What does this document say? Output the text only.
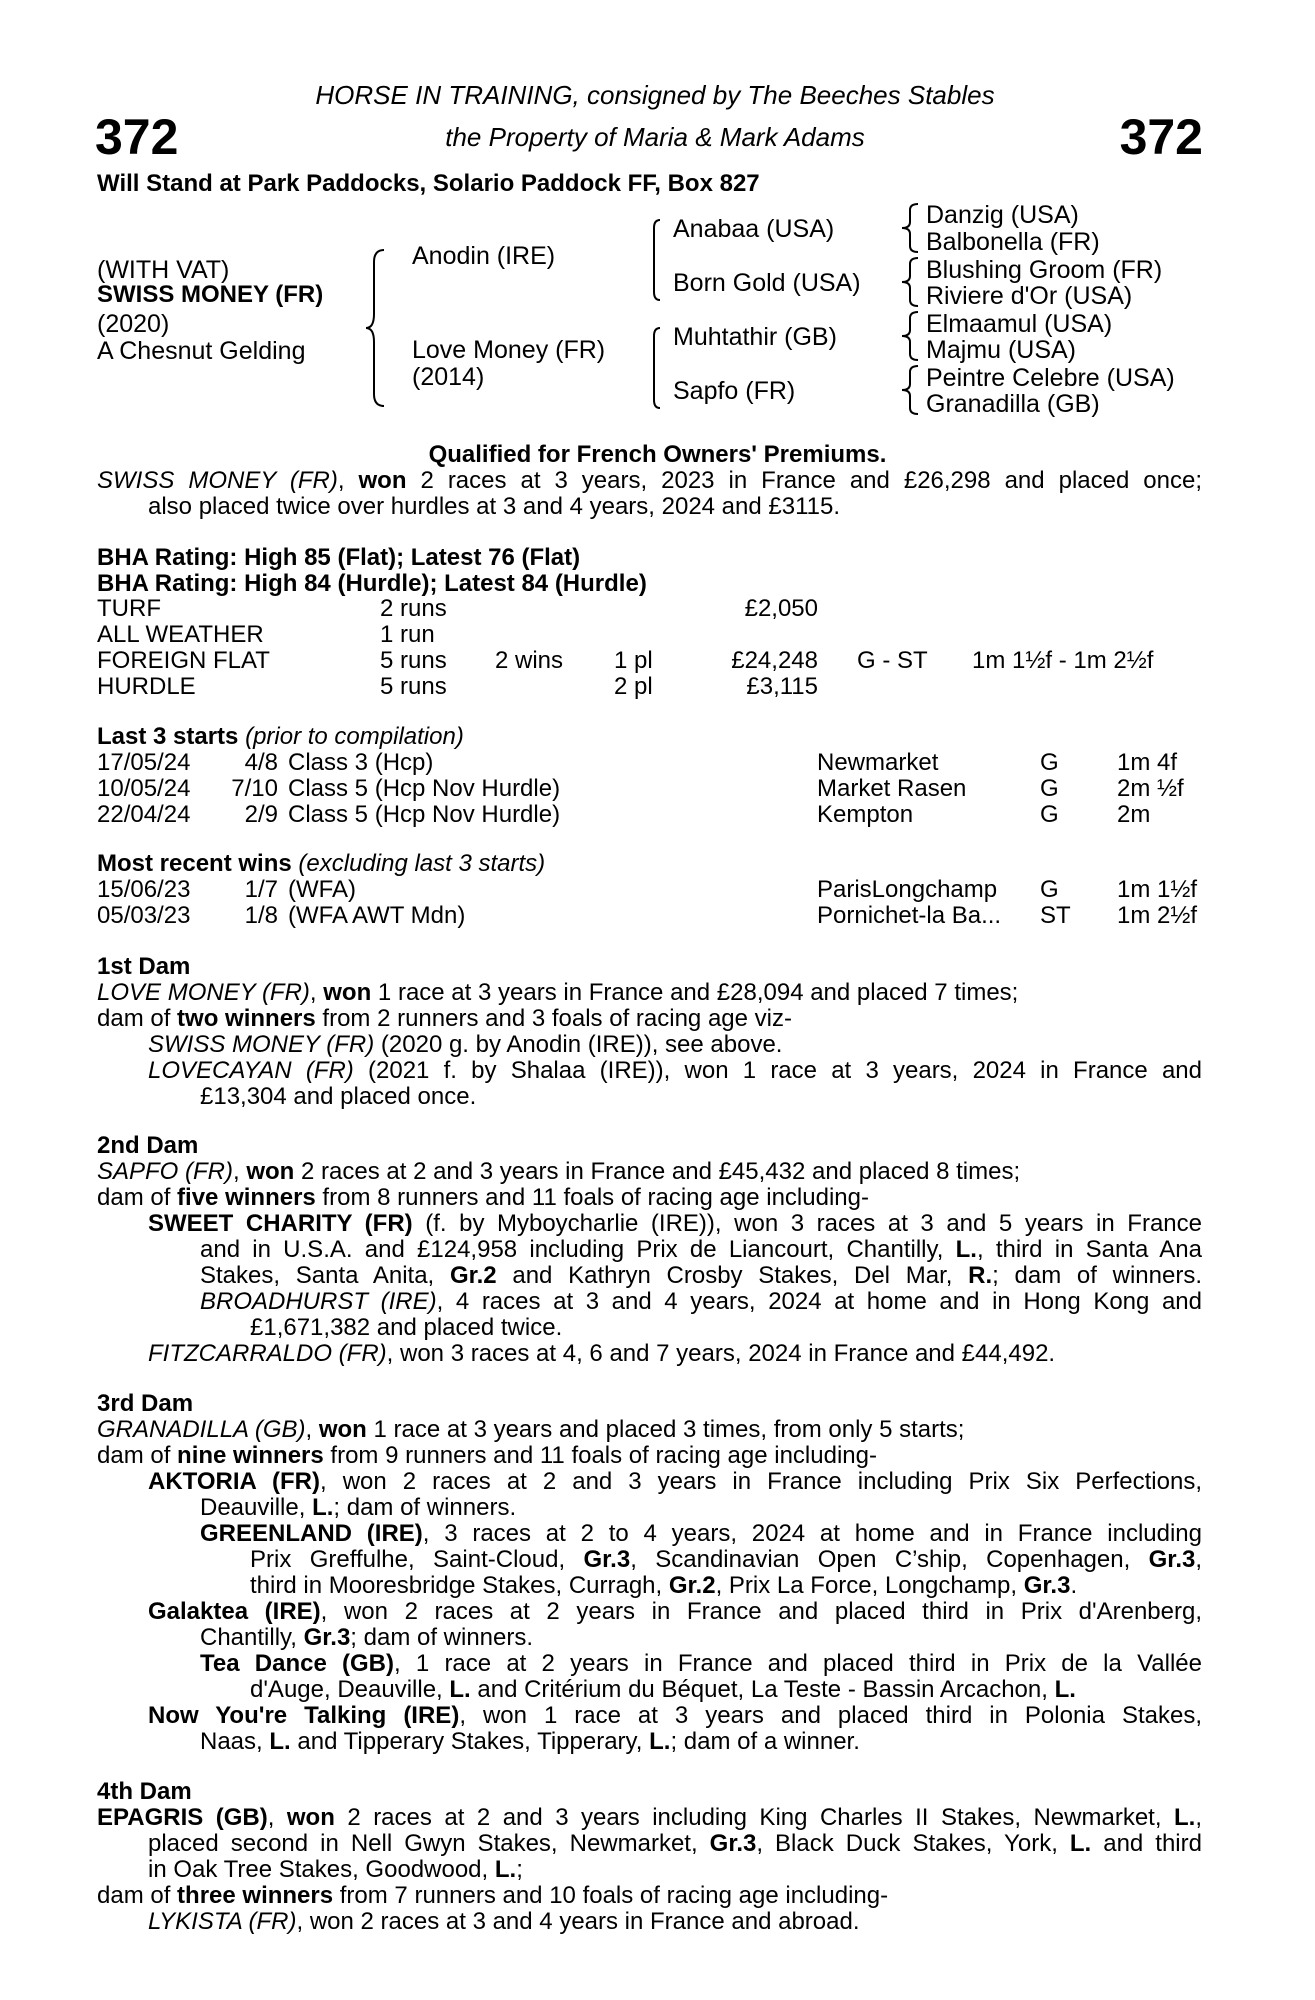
372	372
HORSE IN TRAINING, consigned by The Beeches Stables
the Property of Maria & Mark Adams
Will Stand at Park Paddocks, Solario Paddock FF, Box 827
(WITH VAT)
SWISS MONEY (FR)
(2020)
A Chesnut Gelding
Anodin (IRE)
Love Money (FR)
(2014)
Anabaa (USA)
Born Gold (USA)
Muhtathir (GB)
Sapfo (FR)
Danzig (USA)
Balbonella (FR)
Blushing Groom (FR)
Riviere d'Or (USA)
Elmaamul (USA)
Majmu (USA)
Peintre Celebre (USA)
Granadilla (GB)
Qualified for French Owners' Premiums.
SWISS MONEY (FR), won 2 races at 3 years, 2023 in France and £26,298 and placed once;
also placed twice over hurdles at 3 and 4 years, 2024 and £3115.
BHA Rating: High 85 (Flat); Latest 76 (Flat)
BHA Rating: High 84 (Hurdle); Latest 84 (Hurdle)
TURF	2 runs	£2,050
ALL WEATHER	1 run
FOREIGN FLAT	5 runs 2 wins 1 pl	£24,248 G - ST 1m 1½f - 1m 2½f
HURDLE	5 runs	2 pl	£3,115
Last 3 starts (prior to compilation)
17/05/24 4/8 Class 3 (Hcp)	Newmarket	G 1m 4f
10/05/24 7/10 Class 5 (Hcp Nov Hurdle)	Market Rasen	G 2m ½f
22/04/24 2/9 Class 5 (Hcp Nov Hurdle)	Kempton	G 2m
Most recent wins (excluding last 3 starts)
15/06/23 1/7 (WFA)	ParisLongchamp G 1m 1½f
05/03/23 1/8 (WFA AWT Mdn)	Pornichet-la Ba... ST 1m 2½f
1st Dam
LOVE MONEY (FR), won 1 race at 3 years in France and £28,094 and placed 7 times;
dam of two winners from 2 runners and 3 foals of racing age viz-
SWISS MONEY (FR) (2020 g. by Anodin (IRE)), see above.
LOVECAYAN (FR) (2021 f. by Shalaa (IRE)), won 1 race at 3 years, 2024 in France and
£13,304 and placed once.
2nd Dam
SAPFO (FR), won 2 races at 2 and 3 years in France and £45,432 and placed 8 times;
dam of five winners from 8 runners and 11 foals of racing age including-
SWEET CHARITY (FR) (f. by Myboycharlie (IRE)), won 3 races at 3 and 5 years in France
and in U.S.A. and £124,958 including Prix de Liancourt, Chantilly, L., third in Santa Ana
Stakes, Santa Anita, Gr.2 and Kathryn Crosby Stakes, Del Mar, R.; dam of winners.
BROADHURST (IRE), 4 races at 3 and 4 years, 2024 at home and in Hong Kong and
£1,671,382 and placed twice.
FITZCARRALDO (FR), won 3 races at 4, 6 and 7 years, 2024 in France and £44,492.
3rd Dam
GRANADILLA (GB), won 1 race at 3 years and placed 3 times, from only 5 starts;
dam of nine winners from 9 runners and 11 foals of racing age including-
AKTORIA (FR), won 2 races at 2 and 3 years in France including Prix Six Perfections,
Deauville, L.; dam of winners.
GREENLAND (IRE), 3 races at 2 to 4 years, 2024 at home and in France including
Prix Greffulhe, Saint-Cloud, Gr.3, Scandinavian Open C’ship, Copenhagen, Gr.3,
third in Mooresbridge Stakes, Curragh, Gr.2, Prix La Force, Longchamp, Gr.3.
Galaktea (IRE), won 2 races at 2 years in France and placed third in Prix d'Arenberg,
Chantilly, Gr.3; dam of winners.
Tea Dance (GB), 1 race at 2 years in France and placed third in Prix de la Vallée
d'Auge, Deauville, L. and Critérium du Béquet, La Teste - Bassin Arcachon, L.
Now You're Talking (IRE), won 1 race at 3 years and placed third in Polonia Stakes,
Naas, L. and Tipperary Stakes, Tipperary, L.; dam of a winner.
4th Dam
EPAGRIS (GB), won 2 races at 2 and 3 years including King Charles II Stakes, Newmarket, L.,
placed second in Nell Gwyn Stakes, Newmarket, Gr.3, Black Duck Stakes, York, L. and third
in Oak Tree Stakes, Goodwood, L.;
dam of three winners from 7 runners and 10 foals of racing age including-
LYKISTA (FR), won 2 races at 3 and 4 years in France and abroad.
